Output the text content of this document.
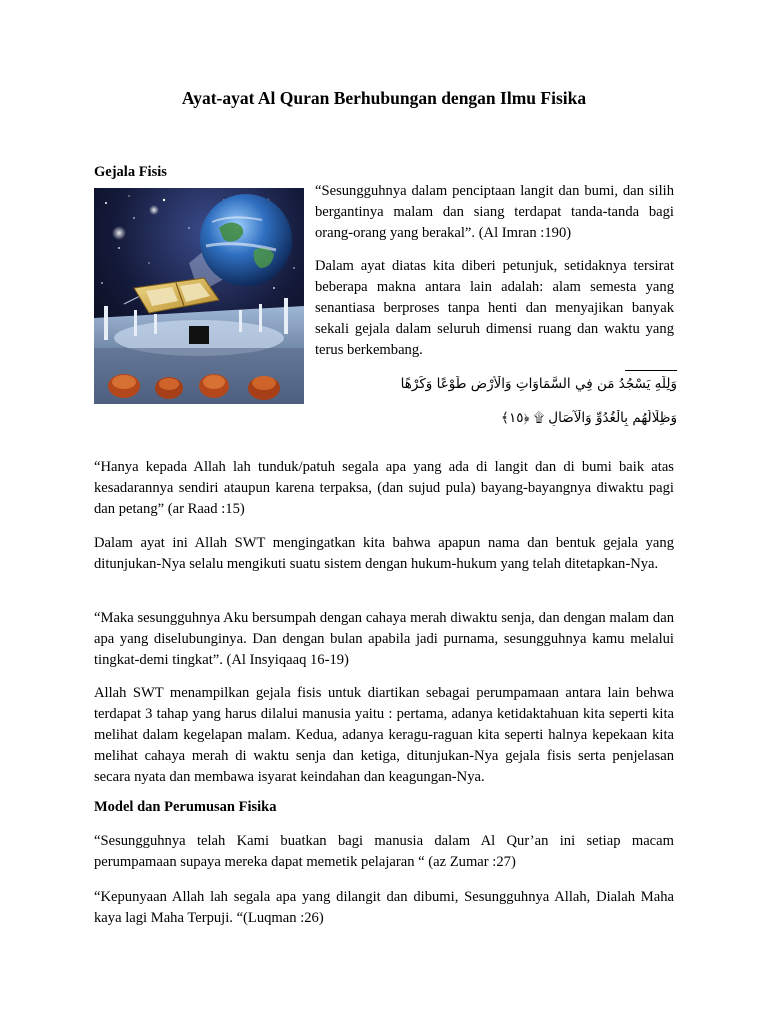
Ayat-ayat Al Quran Berhubungan dengan Ilmu Fisika
Gejala Fisis
“Sesungguhnya dalam penciptaan langit dan bumi, dan silih bergantinya malam dan siang terdapat tanda-tanda bagi orang-orang yang berakal”. (Al Imran :190)
Dalam ayat diatas kita diberi petunjuk, setidaknya tersirat beberapa makna antara lain adalah: alam semesta yang senantiasa berproses tanpa henti dan menyajikan banyak sekali gejala dalam seluruh dimensi ruang dan waktu yang terus berkembang.
وَلِلَّهِ يَسْجُدُ مَن فِي السَّمَاوَاتِ وَالْأَرْضِ طَوْعًا وَكَرْهًا
وَظِلَالُهُم بِالْغُدُوِّ وَالْآصَالِ ۩ ﴿١٥﴾
“Hanya kepada Allah lah tunduk/patuh segala apa yang ada di langit dan di bumi baik atas kesadarannya sendiri ataupun karena terpaksa, (dan sujud pula) bayang-bayangnya diwaktu pagi dan petang” (ar Raad :15)
Dalam ayat ini Allah SWT mengingatkan kita bahwa apapun nama dan bentuk gejala yang ditunjukan-Nya selalu mengikuti suatu sistem dengan hukum-hukum yang telah ditetapkan-Nya.
“Maka sesungguhnya Aku bersumpah dengan cahaya merah diwaktu senja, dan dengan malam dan apa yang diselubunginya. Dan dengan bulan apabila jadi purnama, sesungguhnya kamu melalui tingkat-demi tingkat”. (Al Insyiqaaq 16-19)
Allah SWT menampilkan gejala fisis untuk diartikan sebagai perumpamaan antara lain behwa terdapat 3 tahap yang harus dilalui manusia yaitu : pertama, adanya ketidaktahuan kita seperti kita melihat dalam kegelapan malam. Kedua, adanya keragu-raguan kita seperti halnya kepekaan kita melihat cahaya merah di waktu senja dan ketiga, ditunjukan-Nya gejala fisis serta penjelasan secara nyata dan membawa isyarat keindahan dan keagungan-Nya.
Model dan Perumusan Fisika
“Sesungguhnya telah Kami buatkan bagi manusia dalam Al Qur’an ini setiap macam perumpamaan supaya mereka dapat memetik pelajaran “ (az Zumar :27)
“Kepunyaan Allah lah segala apa yang dilangit dan dibumi, Sesungguhnya Allah, Dialah Maha kaya lagi Maha Terpuji. “(Luqman :26)
